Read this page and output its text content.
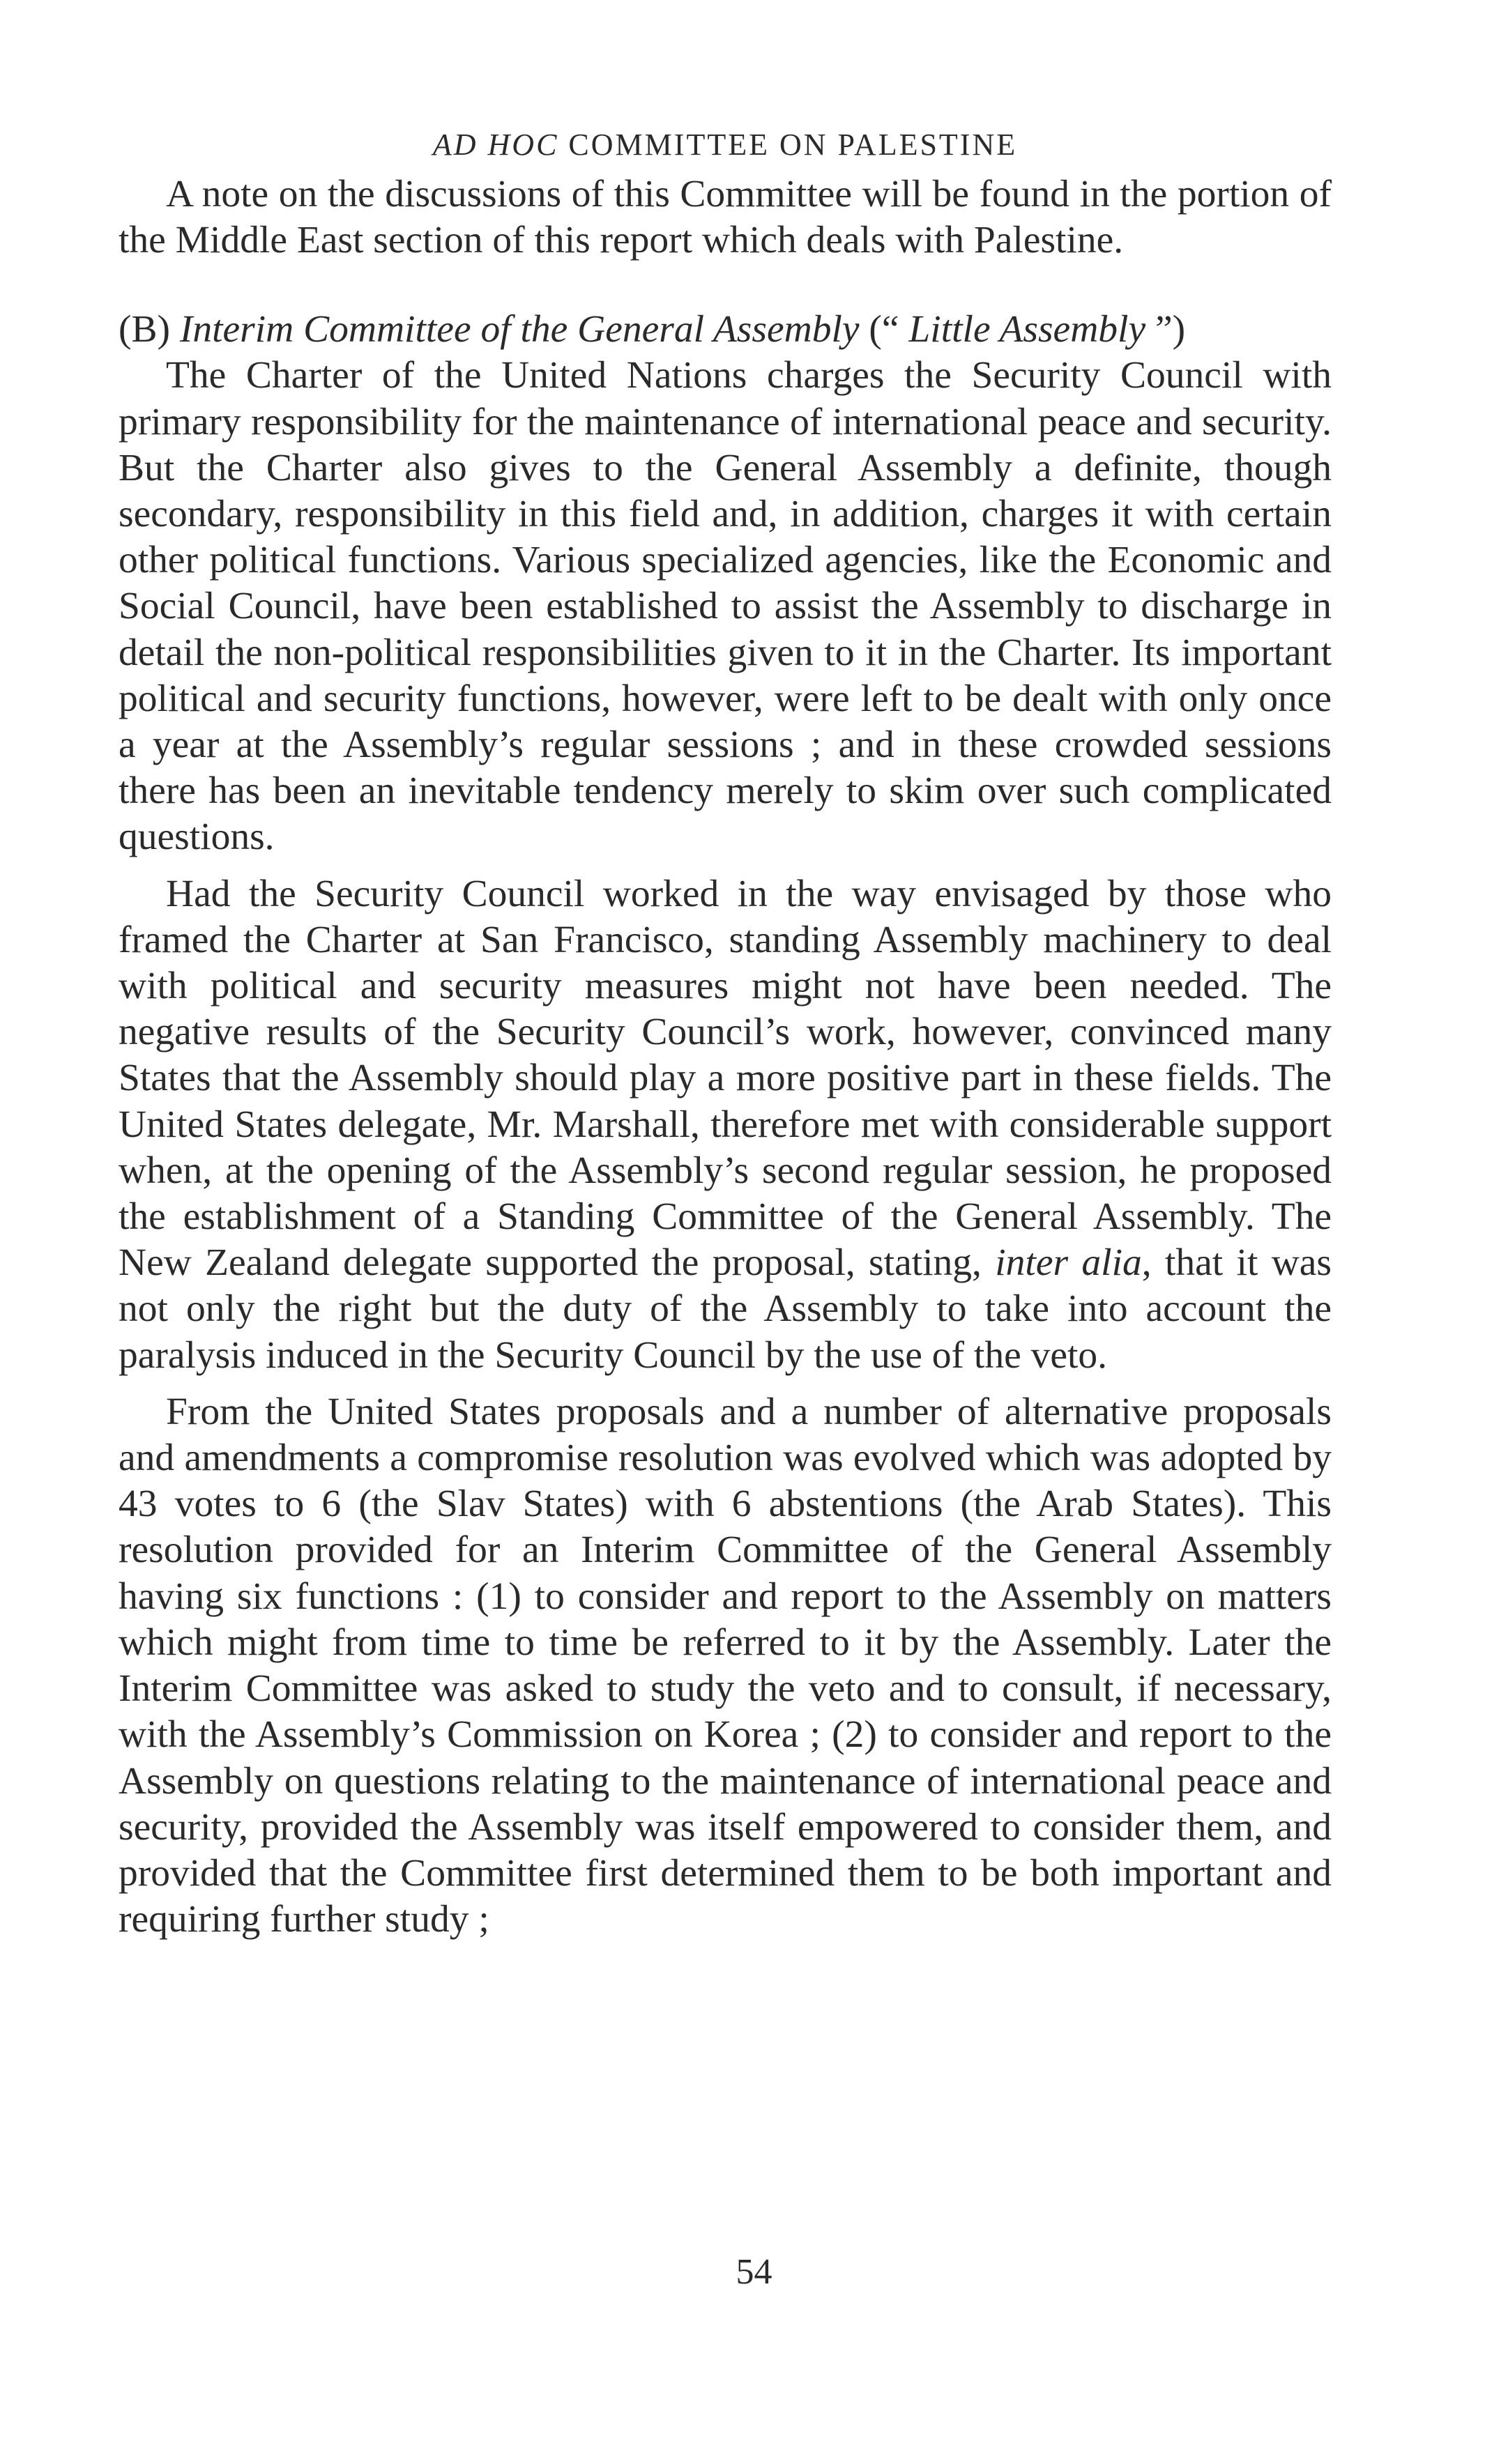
AD HOC COMMITTEE ON PALESTINE

A note on the discussions of this Committee will be found in the portion of the Middle East section of this report which deals with Palestine.

(B) Interim Committee of the General Assembly (“ Little Assembly ”)

The Charter of the United Nations charges the Security Council with primary responsibility for the maintenance of international peace and security. But the Charter also gives to the General Assembly a definite, though secondary, responsibility in this field and, in addition, charges it with certain other political functions. Various specialized agencies, like the Economic and Social Council, have been established to assist the Assembly to discharge in detail the non-political responsibilities given to it in the Charter. Its important political and security functions, however, were left to be dealt with only once a year at the Assembly’s regular sessions ; and in these crowded sessions there has been an inevitable tendency merely to skim over such complicated questions.

Had the Security Council worked in the way envisaged by those who framed the Charter at San Francisco, standing Assembly machinery to deal with political and security measures might not have been needed. The negative results of the Security Council’s work, however, convinced many States that the Assembly should play a more positive part in these fields. The United States delegate, Mr. Marshall, therefore met with considerable support when, at the opening of the Assembly’s second regular session, he proposed the establishment of a Standing Committee of the General Assembly. The New Zealand delegate supported the proposal, stating, inter alia, that it was not only the right but the duty of the Assembly to take into account the paralysis induced in the Security Council by the use of the veto.

From the United States proposals and a number of alternative proposals and amendments a compromise resolution was evolved which was adopted by 43 votes to 6 (the Slav States) with 6 abstentions (the Arab States). This resolution provided for an Interim Committee of the General Assembly having six functions : (1) to consider and report to the Assembly on matters which might from time to time be referred to it by the Assembly. Later the Interim Committee was asked to study the veto and to consult, if necessary, with the Assembly’s Commission on Korea ; (2) to consider and report to the Assembly on questions relating to the maintenance of international peace and security, provided the Assembly was itself empowered to consider them, and provided that the Committee first determined them to be both important and requiring further study ;

54
